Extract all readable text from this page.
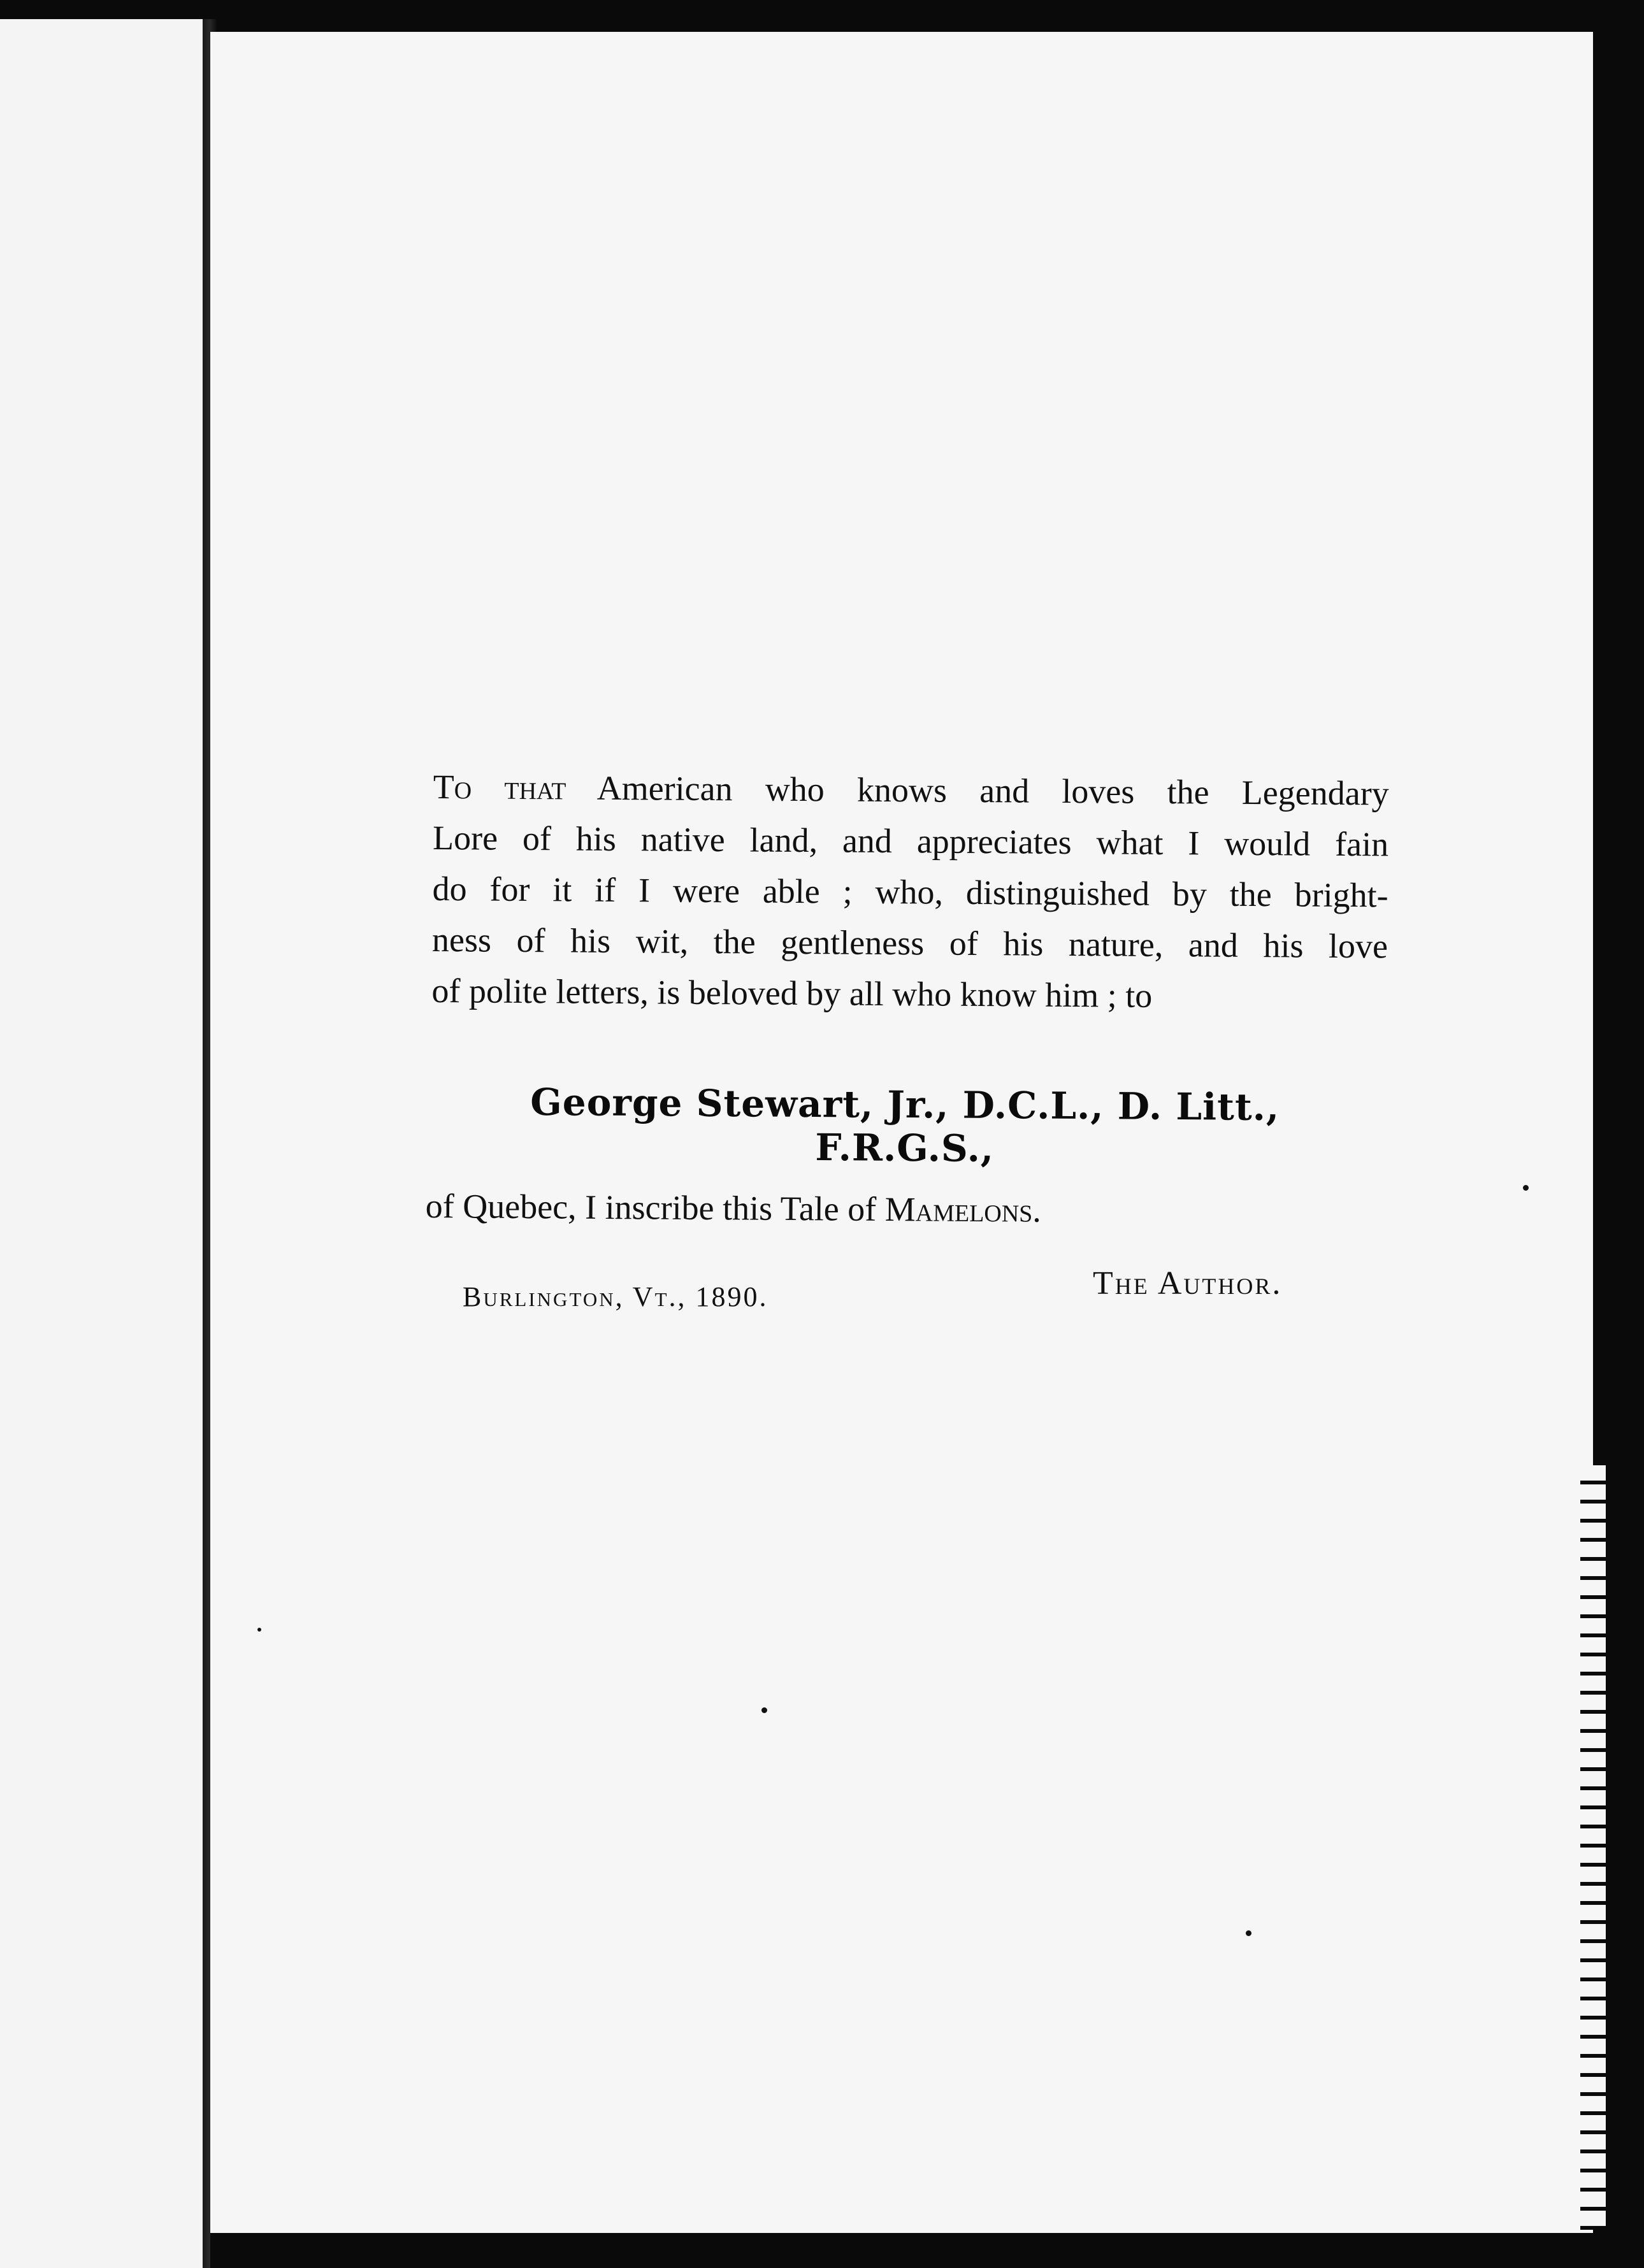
To that American who knows and loves the Legendary
Lore of his native land, and appreciates what I would fain
do for it if I were able ; who, distinguished by the bright-
ness of his wit, the gentleness of his nature, and his love
of polite letters, is beloved by all who know him ; to
George Stewart, Jr., D.C.L., D. Litt., F.R.G.S.,
of Quebec, I inscribe this Tale of Mamelons.
Burlington, Vt., 1890.	The Author.
